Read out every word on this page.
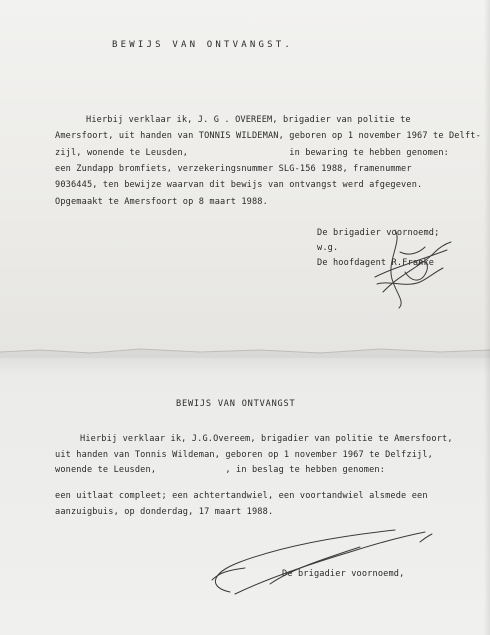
BEWIJS VAN ONTVANGST.
Hierbij verklaar ik, J. G . OVEREEM, brigadier van politie te
Amersfoort, uit handen van TONNIS WILDEMAN, geboren op 1 november 1967 te Delft-
zijl, wonende te Leusden,                   in bewaring te hebben genomen:
een Zundapp bromfiets, verzekeringsnummer SLG-156 1988, framenummer
9036445, ten bewijze waarvan dit bewijs van ontvangst werd afgegeven.
Opgemaakt te Amersfoort op 8 maart 1988.
De brigadier voornoemd;
w.g.
De hoofdagent R.Franke
BEWIJS VAN ONTVANGST
Hierbij verklaar ik, J.G.Overeem, brigadier van politie te Amersfoort,
uit handen van Tonnis Wildeman, geboren op 1 november 1967 te Delfzijl,
wonende te Leusden,             , in beslag te hebben genomen:
een uitlaat compleet; een achtertandwiel, een voortandwiel alsmede een
aanzuigbuis, op donderdag, 17 maart 1988.
De brigadier voornoemd,
